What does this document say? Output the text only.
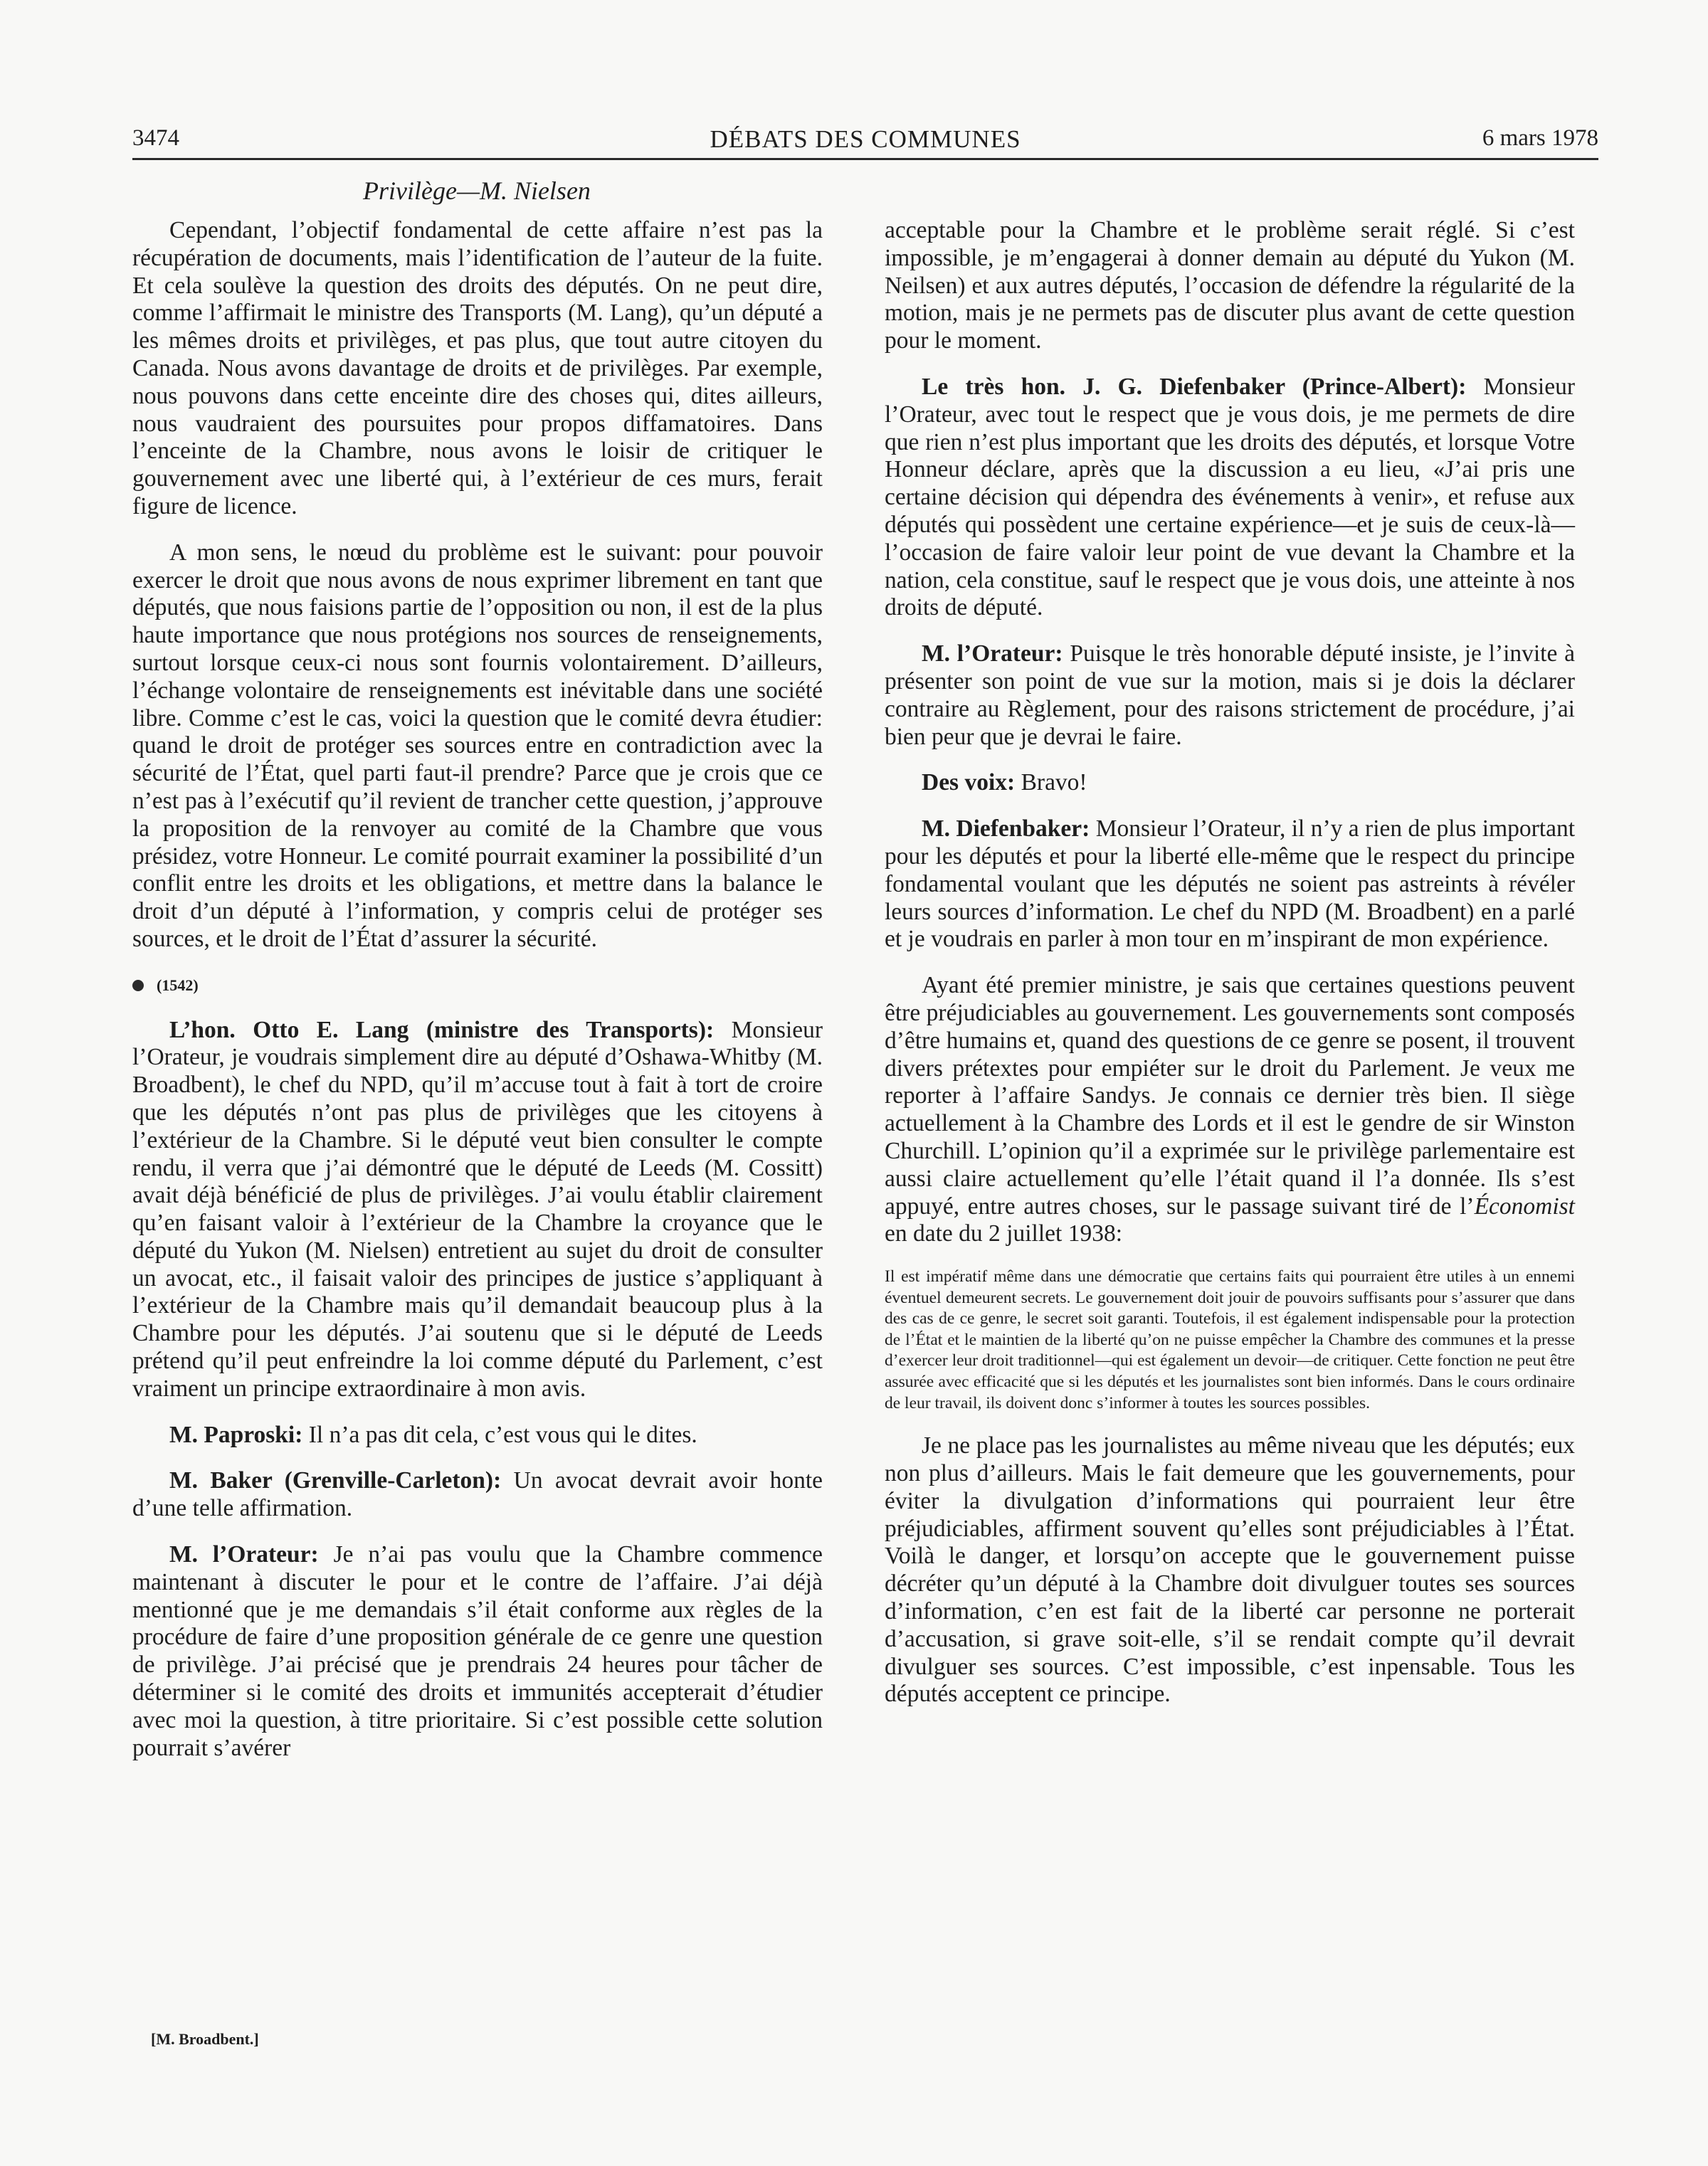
3474	DÉBATS DES COMMUNES	6 mars 1978
Privilège—M. Nielsen

Cependant, l’objectif fondamental de cette affaire n’est pas la récupération de documents, mais l’identification de l’auteur de la fuite. Et cela soulève la question des droits des députés. On ne peut dire, comme l’affirmait le ministre des Transports (M. Lang), qu’un député a les mêmes droits et privilèges, et pas plus, que tout autre citoyen du Canada. Nous avons davantage de droits et de privilèges. Par exemple, nous pouvons dans cette enceinte dire des choses qui, dites ailleurs, nous vaudraient des poursuites pour propos diffamatoires. Dans l’enceinte de la Chambre, nous avons le loisir de critiquer le gouvernement avec une liberté qui, à l’extérieur de ces murs, ferait figure de licence.

A mon sens, le nœud du problème est le suivant: pour pouvoir exercer le droit que nous avons de nous exprimer librement en tant que députés, que nous faisions partie de l’opposition ou non, il est de la plus haute importance que nous protégions nos sources de renseignements, surtout lorsque ceux-ci nous sont fournis volontairement. D’ailleurs, l’échange volontaire de renseignements est inévitable dans une société libre. Comme c’est le cas, voici la question que le comité devra étudier: quand le droit de protéger ses sources entre en contradiction avec la sécurité de l’État, quel parti faut-il prendre? Parce que je crois que ce n’est pas à l’exécutif qu’il revient de trancher cette question, j’approuve la proposition de la renvoyer au comité de la Chambre que vous présidez, votre Honneur. Le comité pourrait examiner la possibilité d’un conflit entre les droits et les obligations, et mettre dans la balance le droit d’un député à l’information, y compris celui de protéger ses sources, et le droit de l’État d’assurer la sécurité.

(1542)

L’hon. Otto E. Lang (ministre des Transports): Monsieur l’Orateur, je voudrais simplement dire au député d’Oshawa-Whitby (M. Broadbent), le chef du NPD, qu’il m’accuse tout à fait à tort de croire que les députés n’ont pas plus de privilèges que les citoyens à l’extérieur de la Chambre. Si le député veut bien consulter le compte rendu, il verra que j’ai démontré que le député de Leeds (M. Cossitt) avait déjà bénéficié de plus de privilèges. J’ai voulu établir clairement qu’en faisant valoir à l’extérieur de la Chambre la croyance que le député du Yukon (M. Nielsen) entretient au sujet du droit de consulter un avocat, etc., il faisait valoir des principes de justice s’appliquant à l’extérieur de la Chambre mais qu’il demandait beaucoup plus à la Chambre pour les députés. J’ai soutenu que si le député de Leeds prétend qu’il peut enfreindre la loi comme député du Parlement, c’est vraiment un principe extraordinaire à mon avis.

M. Paproski: Il n’a pas dit cela, c’est vous qui le dites.

M. Baker (Grenville-Carleton): Un avocat devrait avoir honte d’une telle affirmation.

M. l’Orateur: Je n’ai pas voulu que la Chambre commence maintenant à discuter le pour et le contre de l’affaire. J’ai déjà mentionné que je me demandais s’il était conforme aux règles de la procédure de faire d’une proposition générale de ce genre une question de privilège. J’ai précisé que je prendrais 24 heures pour tâcher de déterminer si le comité des droits et immunités accepterait d’étudier avec moi la question, à titre prioritaire. Si c’est possible cette solution pourrait s’avérer

[M. Broadbent.]

acceptable pour la Chambre et le problème serait réglé. Si c’est impossible, je m’engagerai à donner demain au député du Yukon (M. Neilsen) et aux autres députés, l’occasion de défendre la régularité de la motion, mais je ne permets pas de discuter plus avant de cette question pour le moment.

Le très hon. J. G. Diefenbaker (Prince-Albert): Monsieur l’Orateur, avec tout le respect que je vous dois, je me permets de dire que rien n’est plus important que les droits des députés, et lorsque Votre Honneur déclare, après que la discussion a eu lieu, «J’ai pris une certaine décision qui dépendra des événements à venir», et refuse aux députés qui possèdent une certaine expérience—et je suis de ceux-là—l’occasion de faire valoir leur point de vue devant la Chambre et la nation, cela constitue, sauf le respect que je vous dois, une atteinte à nos droits de député.

M. l’Orateur: Puisque le très honorable député insiste, je l’invite à présenter son point de vue sur la motion, mais si je dois la déclarer contraire au Règlement, pour des raisons strictement de procédure, j’ai bien peur que je devrai le faire.

Des voix: Bravo!

M. Diefenbaker: Monsieur l’Orateur, il n’y a rien de plus important pour les députés et pour la liberté elle-même que le respect du principe fondamental voulant que les députés ne soient pas astreints à révéler leurs sources d’information. Le chef du NPD (M. Broadbent) en a parlé et je voudrais en parler à mon tour en m’inspirant de mon expérience.

Ayant été premier ministre, je sais que certaines questions peuvent être préjudiciables au gouvernement. Les gouvernements sont composés d’être humains et, quand des questions de ce genre se posent, il trouvent divers prétextes pour empiéter sur le droit du Parlement. Je veux me reporter à l’affaire Sandys. Je connais ce dernier très bien. Il siège actuellement à la Chambre des Lords et il est le gendre de sir Winston Churchill. L’opinion qu’il a exprimée sur le privilège parlementaire est aussi claire actuellement qu’elle l’était quand il l’a donnée. Ils s’est appuyé, entre autres choses, sur le passage suivant tiré de l’Économist en date du 2 juillet 1938:

Il est impératif même dans une démocratie que certains faits qui pourraient être utiles à un ennemi éventuel demeurent secrets. Le gouvernement doit jouir de pouvoirs suffisants pour s’assurer que dans des cas de ce genre, le secret soit garanti. Toutefois, il est également indispensable pour la protection de l’État et le maintien de la liberté qu’on ne puisse empêcher la Chambre des communes et la presse d’exercer leur droit traditionnel—qui est également un devoir—de critiquer. Cette fonction ne peut être assurée avec efficacité que si les députés et les journalistes sont bien informés. Dans le cours ordinaire de leur travail, ils doivent donc s’informer à toutes les sources possibles.

Je ne place pas les journalistes au même niveau que les députés; eux non plus d’ailleurs. Mais le fait demeure que les gouvernements, pour éviter la divulgation d’informations qui pourraient leur être préjudiciables, affirment souvent qu’elles sont préjudiciables à l’État. Voilà le danger, et lorsqu’on accepte que le gouvernement puisse décréter qu’un député à la Chambre doit divulguer toutes ses sources d’information, c’en est fait de la liberté car personne ne porterait d’accusation, si grave soit-elle, s’il se rendait compte qu’il devrait divulguer ses sources. C’est impossible, c’est inpensable. Tous les députés acceptent ce principe.
